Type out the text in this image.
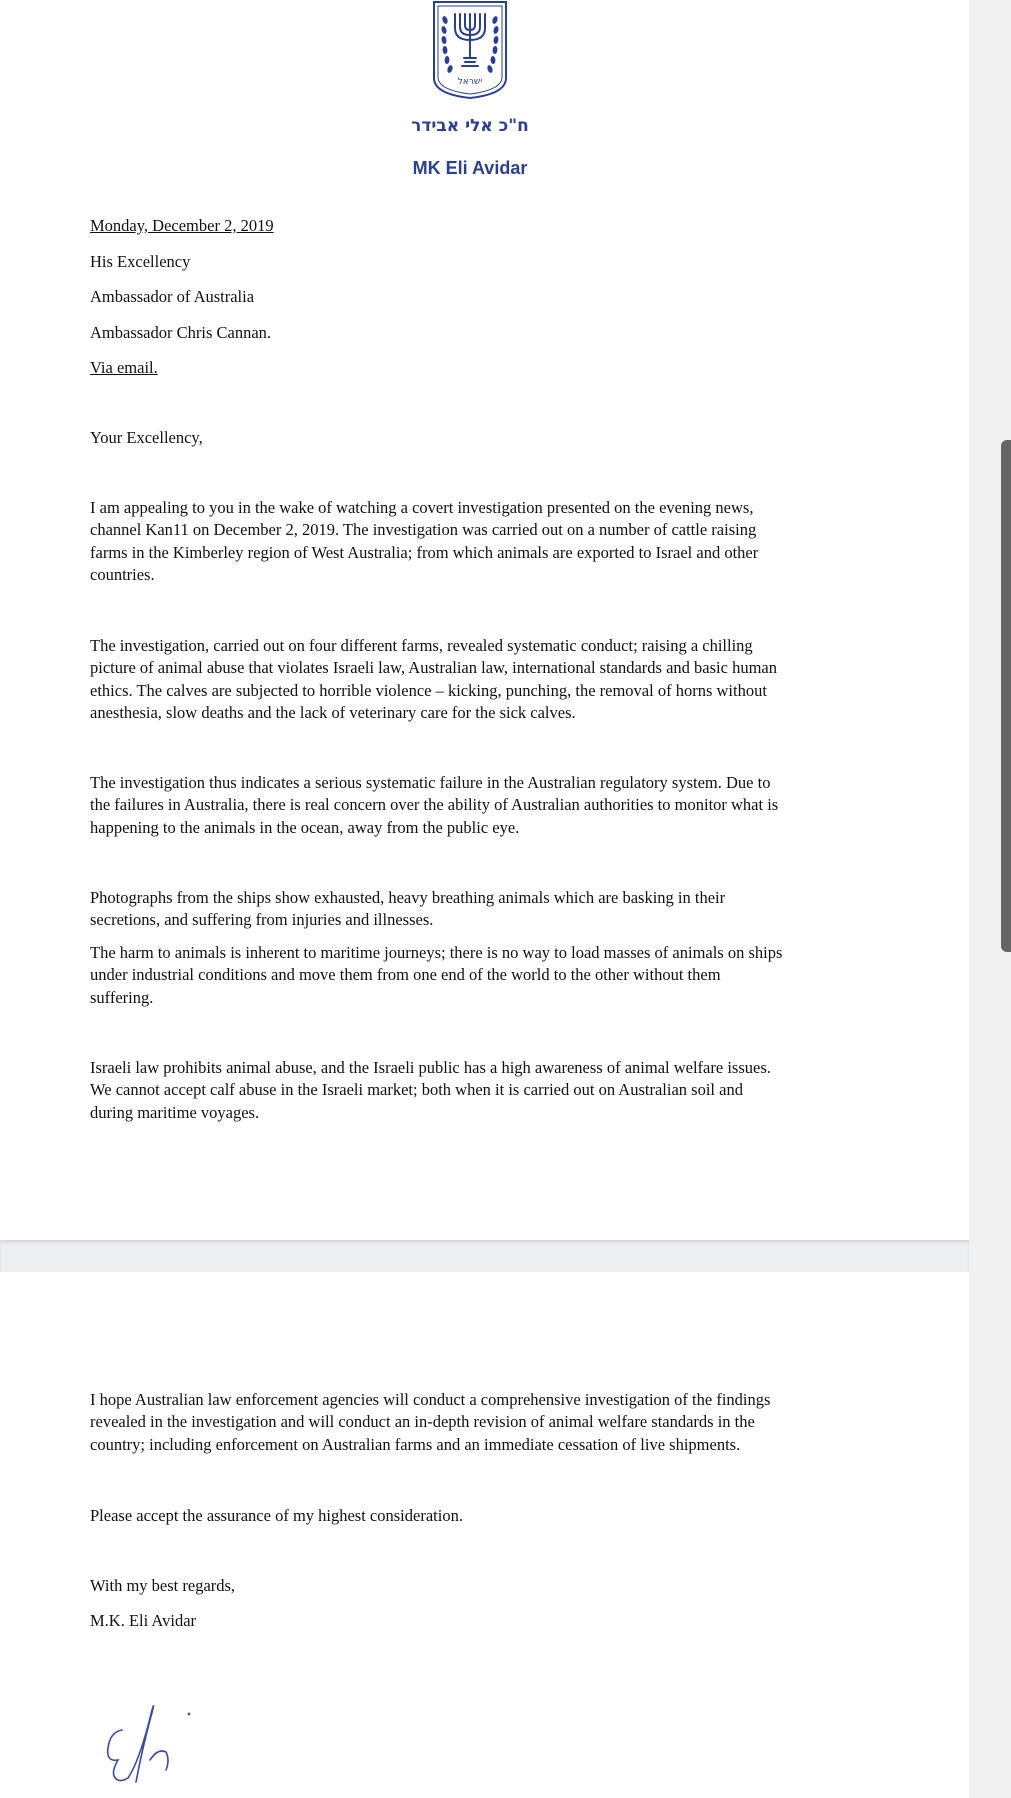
ישראל
ח"כ אלי אבידר
MK Eli Avidar
Monday, December 2, 2019
His Excellency
Ambassador of Australia
Ambassador Chris Cannan.
Via email.
Your Excellency,
I am appealing to you in the wake of watching a covert investigation presented on the evening news,
channel Kan11 on December 2, 2019. The investigation was carried out on a number of cattle raising
farms in the Kimberley region of West Australia; from which animals are exported to Israel and other
countries.
The investigation, carried out on four different farms, revealed systematic conduct; raising a chilling
picture of animal abuse that violates Israeli law, Australian law, international standards and basic human
ethics. The calves are subjected to horrible violence – kicking, punching, the removal of horns without
anesthesia, slow deaths and the lack of veterinary care for the sick calves.
The investigation thus indicates a serious systematic failure in the Australian regulatory system. Due to
the failures in Australia, there is real concern over the ability of Australian authorities to monitor what is
happening to the animals in the ocean, away from the public eye.
Photographs from the ships show exhausted, heavy breathing animals which are basking in their
secretions, and suffering from injuries and illnesses.
The harm to animals is inherent to maritime journeys; there is no way to load masses of animals on ships
under industrial conditions and move them from one end of the world to the other without them
suffering.
Israeli law prohibits animal abuse, and the Israeli public has a high awareness of animal welfare issues.
We cannot accept calf abuse in the Israeli market; both when it is carried out on Australian soil and
during maritime voyages.
I hope Australian law enforcement agencies will conduct a comprehensive investigation of the findings
revealed in the investigation and will conduct an in-depth revision of animal welfare standards in the
country; including enforcement on Australian farms and an immediate cessation of live shipments.
Please accept the assurance of my highest consideration.
With my best regards,
M.K. Eli Avidar
